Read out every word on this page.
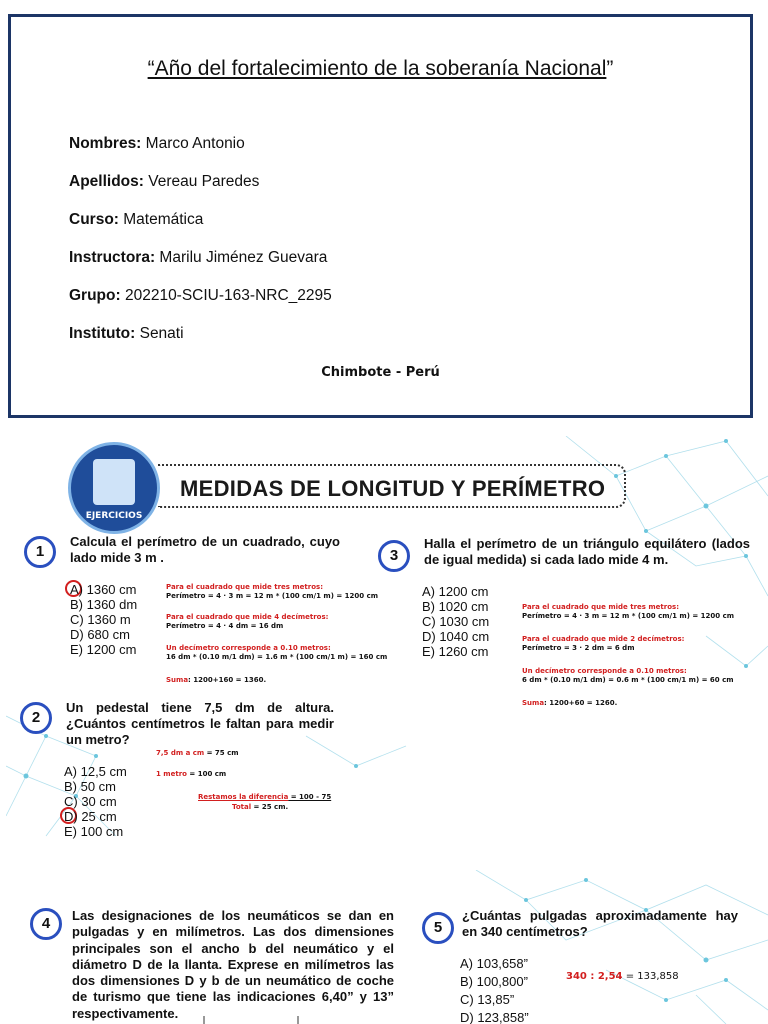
“Año del fortalecimiento de la soberanía Nacional”
Nombres: Marco Antonio
Apellidos: Vereau Paredes
Curso: Matemática
Instructora: Marilu Jiménez Guevara
Grupo: 202210-SCIU-163-NRC_2295
Instituto: Senati
Chimbote - Perú
EJERCICIOS
MEDIDAS DE LONGITUD Y PERÍMETRO
1
Calcula el perímetro de un cuadrado, cuyo lado mide 3 m .
A) 1360 cm
B) 1360 dm
C) 1360 m
D) 680 cm
E) 1200 cm
Para el cuadrado que mide tres metros:
Perímetro = 4 · 3 m = 12 m * (100 cm/1 m) = 1200 cm
Para el cuadrado que mide 4 decímetros:
Perímetro = 4 · 4 dm = 16 dm
Un decímetro corresponde a 0.10 metros:
16 dm * (0.10 m/1 dm) = 1.6 m * (100 cm/1 m) = 160 cm
Suma: 1200+160 = 1360.
2
Un pedestal tiene 7,5 dm de altura. ¿Cuántos centímetros le faltan para medir un metro?
A) 12,5 cm
B) 50 cm
C) 30 cm
D) 25 cm
E) 100 cm
7,5 dm a cm = 75 cm
1 metro = 100 cm
Restamos la diferencia = 100 - 75
Total = 25 cm.
3
Halla el perímetro de un triángulo equilátero (lados de igual medida) si cada lado mide 4 m.
A) 1200 cm
B) 1020 cm
C) 1030 cm
D) 1040 cm
E) 1260 cm
Para el cuadrado que mide tres metros:
Perímetro = 4 · 3 m = 12 m * (100 cm/1 m) = 1200 cm
Para el cuadrado que mide 2 decímetros:
Perímetro = 3 · 2 dm = 6 dm
Un decímetro corresponde a 0.10 metros:
6 dm * (0.10 m/1 dm) = 0.6 m * (100 cm/1 m) = 60 cm
Suma: 1200+60 = 1260.
4	Las designaciones de los neumáticos se dan en pulgadas y en milímetros. Las dos dimensiones principales son el ancho b del neumático y el diámetro D de la llanta. Exprese en milímetros las dos dimensiones D y b de un neumático de coche de turismo que tiene las indicaciones 6,40” y 13” respectivamente.
5
¿Cuántas pulgadas aproximadamente hay en 340 centímetros?
A) 103,658”
B) 100,800”
C) 13,85”
D) 123,858”
340 : 2,54 = 133,858
